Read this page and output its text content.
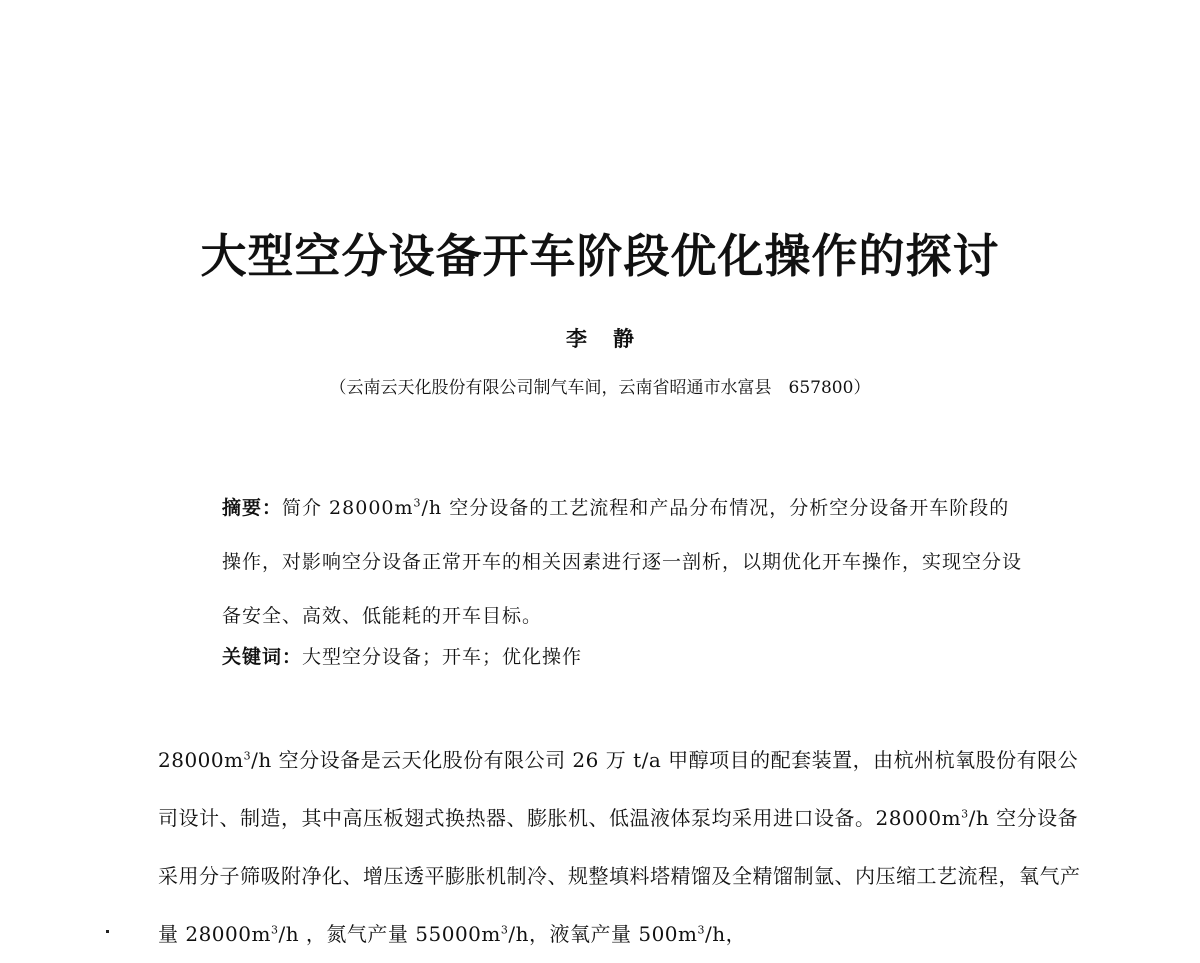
大型空分设备开车阶段优化操作的探讨
李静
（云南云天化股份有限公司制气车间，云南省昭通市水富县　657800）
摘要：简介 $28000m^3/h$ 空分设备的工艺流程和产品分布情况，分析空分设备开车阶段的操作，对影响空分设备正常开车的相关因素进行逐一剖析，以期优化开车操作，实现空分设备安全、高效、低能耗的开车目标。
关键词：大型空分设备；开车；优化操作
$28000m^3/h$ 空分设备是云天化股份有限公司 26 万 t/a 甲醇项目的配套装置，由杭州杭氧股份有限公司设计、制造，其中高压板翅式换热器、膨胀机、低温液体泵均采用进口设备。$28000m^3/h$ 空分设备采用分子筛吸附净化、增压透平膨胀机制冷、规整填料塔精馏及全精馏制氩、内压缩工艺流程，氧气产量 $28000m^3/h$ ，氮气产量 $55000m^3/h$，液氧产量 $500m^3/h$，
